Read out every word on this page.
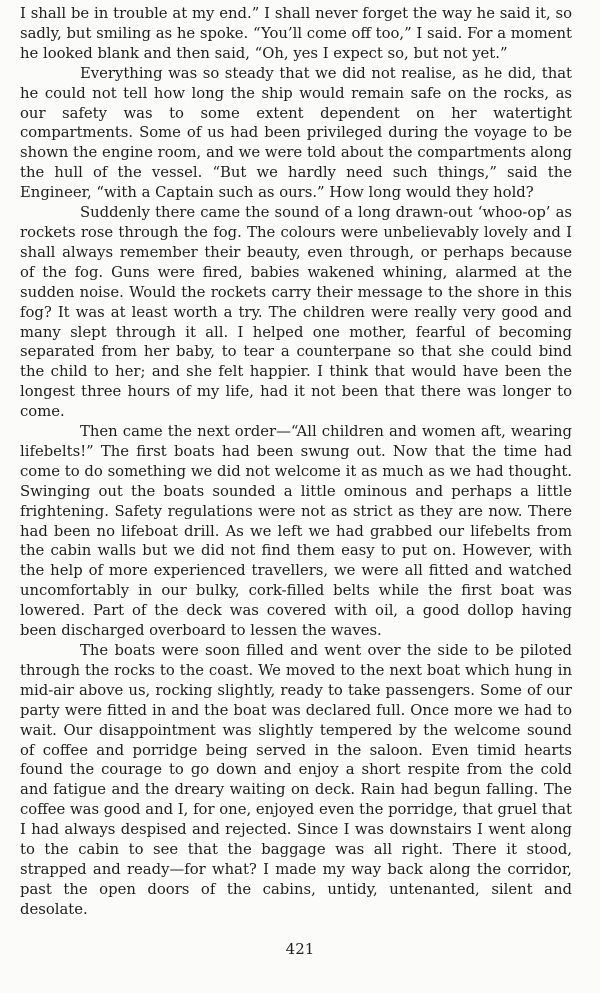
I shall be in trouble at my end.” I shall never forget the way he said it, so sadly, but smiling as he spoke. “You’ll come off too,” I said. For a moment he looked blank and then said, “Oh, yes I expect so, but not yet.”

Everything was so steady that we did not realise, as he did, that he could not tell how long the ship would remain safe on the rocks, as our safety was to some extent dependent on her watertight compartments. Some of us had been privileged during the voyage to be shown the engine room, and we were told about the compartments along the hull of the vessel. “But we hardly need such things,” said the Engineer, “with a Captain such as ours.” How long would they hold?

Suddenly there came the sound of a long drawn-out ‘whoo-op’ as rockets rose through the fog. The colours were unbelievably lovely and I shall always remember their beauty, even through, or perhaps because of the fog. Guns were fired, babies wakened whining, alarmed at the sudden noise. Would the rockets carry their message to the shore in this fog? It was at least worth a try. The children were really very good and many slept through it all. I helped one mother, fearful of becoming separated from her baby, to tear a counterpane so that she could bind the child to her; and she felt happier. I think that would have been the longest three hours of my life, had it not been that there was longer to come.

Then came the next order—“All children and women aft, wearing lifebelts!” The first boats had been swung out. Now that the time had come to do something we did not welcome it as much as we had thought. Swinging out the boats sounded a little ominous and perhaps a little frightening. Safety regulations were not as strict as they are now. There had been no lifeboat drill. As we left we had grabbed our lifebelts from the cabin walls but we did not find them easy to put on. However, with the help of more experienced travellers, we were all fitted and watched uncomfortably in our bulky, cork-filled belts while the first boat was lowered. Part of the deck was covered with oil, a good dollop having been discharged overboard to lessen the waves.

The boats were soon filled and went over the side to be piloted through the rocks to the coast. We moved to the next boat which hung in mid-air above us, rocking slightly, ready to take passengers. Some of our party were fitted in and the boat was declared full. Once more we had to wait. Our disappointment was slightly tempered by the welcome sound of coffee and porridge being served in the saloon. Even timid hearts found the courage to go down and enjoy a short respite from the cold and fatigue and the dreary waiting on deck. Rain had begun falling. The coffee was good and I, for one, enjoyed even the porridge, that gruel that I had always despised and rejected. Since I was downstairs I went along to the cabin to see that the baggage was all right. There it stood, strapped and ready—for what? I made my way back along the corridor, past the open doors of the cabins, untidy, untenanted, silent and desolate.

421
